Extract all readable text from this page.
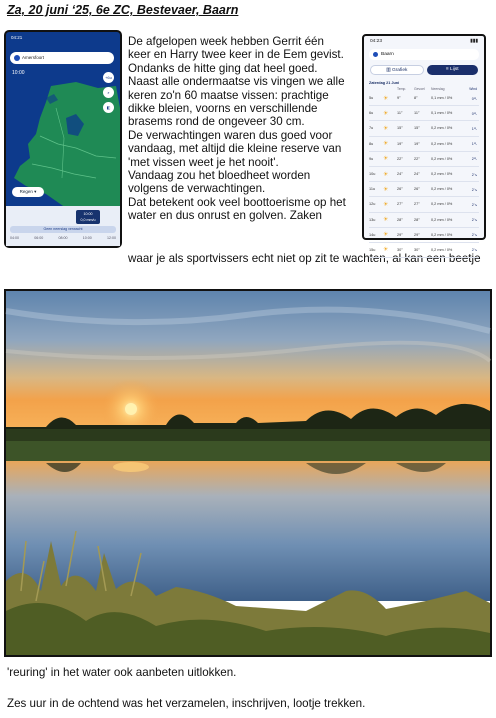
Za, 20 juni ‘25, 6e ZC, Bestevaer, Baarn
04:21
Amersfoort
10:00
+6u
⌕
◧
Regen ▾
10:00
0,0 mm/u
Geen neerslag verwacht
04:00	06:00	08:00	10:00	12:00
De afgelopen week hebben Gerrit één
keer en Harry twee keer in de Eem gevist.
Ondanks de hitte ging dat heel goed.
Naast alle ondermaatse vis vingen we alle
keren zo'n 60 maatse vissen: prachtige
dikke bleien, voorns en verschillende
brasems rond de ongeveer 30 cm.
De verwachtingen waren dus goed voor
vandaag, met altijd die kleine reserve van
'met vissen weet je het nooit'.
Vandaag zou het bloedheet worden
volgens de verwachtingen.
Dat betekent ook veel boottoerisme op het
water en dus onrust en golven. Zaken
waar je als sportvissers echt niet op zit te wachten, al kan een beetje
04:23	▮▮▮
Baarn
▥ Grafiek	≡ Lijst
Zaterdag 21 Juni
Temp.	Gevoel	Neerslag	Wind
5u	☀	9°	8°	0,1 mm / 0%	0↖
6u	☀	11°	11°	0,1 mm / 0%	0↖
7u	☀	15°	15°	0,2 mm / 0%	1↖
8u	☀	19°	19°	0,2 mm / 0%	1↖
9u	☀	22°	22°	0,2 mm / 0%	2↖
10u	☀	24°	24°	0,2 mm / 0%	2↘
11u	☀	26°	26°	0,2 mm / 0%	2↘
12u	☀	27°	27°	0,2 mm / 0%	2↘
13u	☀	28°	28°	0,2 mm / 0%	2↘
14u	☀	29°	29°	0,2 mm / 0%	2↘
15u	☀	30°	30°	0,2 mm / 0%	2↘
'reuring' in het water ook aanbeten uitlokken.
Zes uur in de ochtend was het verzamelen, inschrijven, lootje trekken.
